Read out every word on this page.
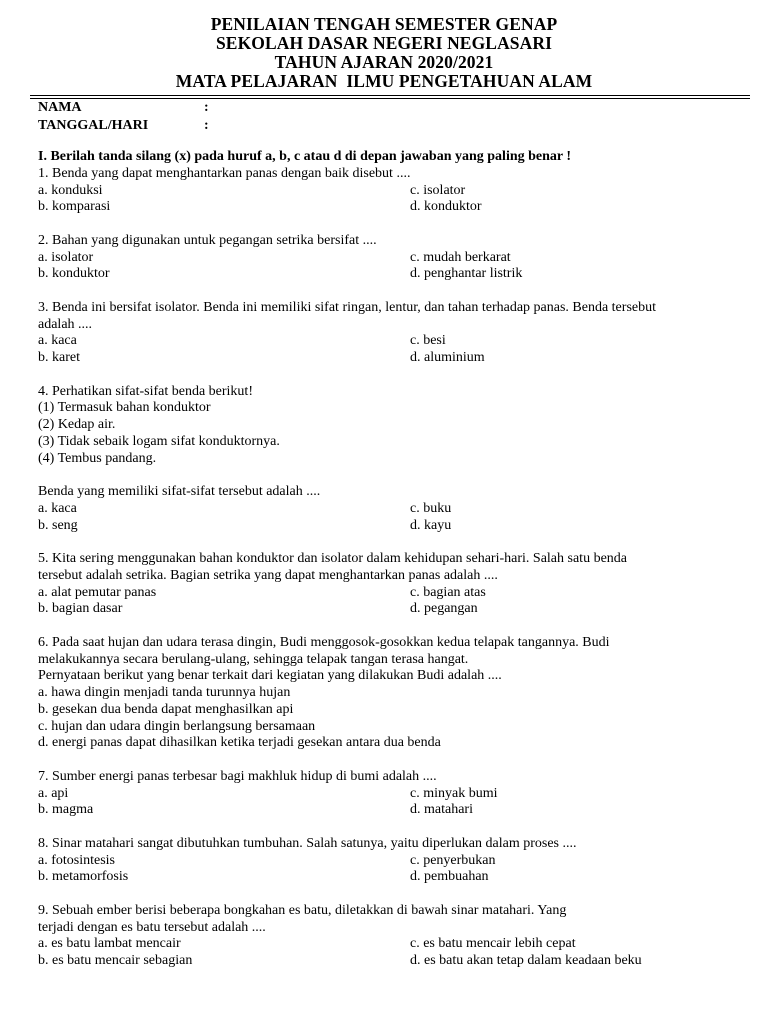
PENILAIAN TENGAH SEMESTER GENAP
SEKOLAH DASAR NEGERI NEGLASARI
TAHUN AJARAN 2020/2021
MATA PELAJARAN  ILMU PENGETAHUAN ALAM
NAMA	:
TANGGAL/HARI	:
I. Berilah tanda silang (x) pada huruf a, b, c atau d di depan jawaban yang paling benar !
1. Benda yang dapat menghantarkan panas dengan baik disebut ....
a. konduksi	c. isolator
b. komparasi	d. konduktor
2. Bahan yang digunakan untuk pegangan setrika bersifat ....
a. isolator	c. mudah berkarat
b. konduktor	d. penghantar listrik
3. Benda ini bersifat isolator. Benda ini memiliki sifat ringan, lentur, dan tahan terhadap panas. Benda tersebut
adalah ....
a. kaca	c. besi
b. karet	d. aluminium
4. Perhatikan sifat-sifat benda berikut!
(1) Termasuk bahan konduktor
(2) Kedap air.
(3) Tidak sebaik logam sifat konduktornya.
(4) Tembus pandang.
Benda yang memiliki sifat-sifat tersebut adalah ....
a. kaca	c. buku
b. seng	d. kayu
5. Kita sering menggunakan bahan konduktor dan isolator dalam kehidupan sehari-hari. Salah satu benda
tersebut adalah setrika. Bagian setrika yang dapat menghantarkan panas adalah ....
a. alat pemutar panas	c. bagian atas
b. bagian dasar	d. pegangan
6. Pada saat hujan dan udara terasa dingin, Budi menggosok-gosokkan kedua telapak tangannya. Budi
melakukannya secara berulang-ulang, sehingga telapak tangan terasa hangat.
Pernyataan berikut yang benar terkait dari kegiatan yang dilakukan Budi adalah ....
a. hawa dingin menjadi tanda turunnya hujan
b. gesekan dua benda dapat menghasilkan api
c. hujan dan udara dingin berlangsung bersamaan
d. energi panas dapat dihasilkan ketika terjadi gesekan antara dua benda
7. Sumber energi panas terbesar bagi makhluk hidup di bumi adalah ....
a. api	c. minyak bumi
b. magma	d. matahari
8. Sinar matahari sangat dibutuhkan tumbuhan. Salah satunya, yaitu diperlukan dalam proses ....
a. fotosintesis	c. penyerbukan
b. metamorfosis	d. pembuahan
9. Sebuah ember berisi beberapa bongkahan es batu, diletakkan di bawah sinar matahari. Yang
terjadi dengan es batu tersebut adalah ....
a. es batu lambat mencair	c. es batu mencair lebih cepat
b. es batu mencair sebagian	d. es batu akan tetap dalam keadaan beku
